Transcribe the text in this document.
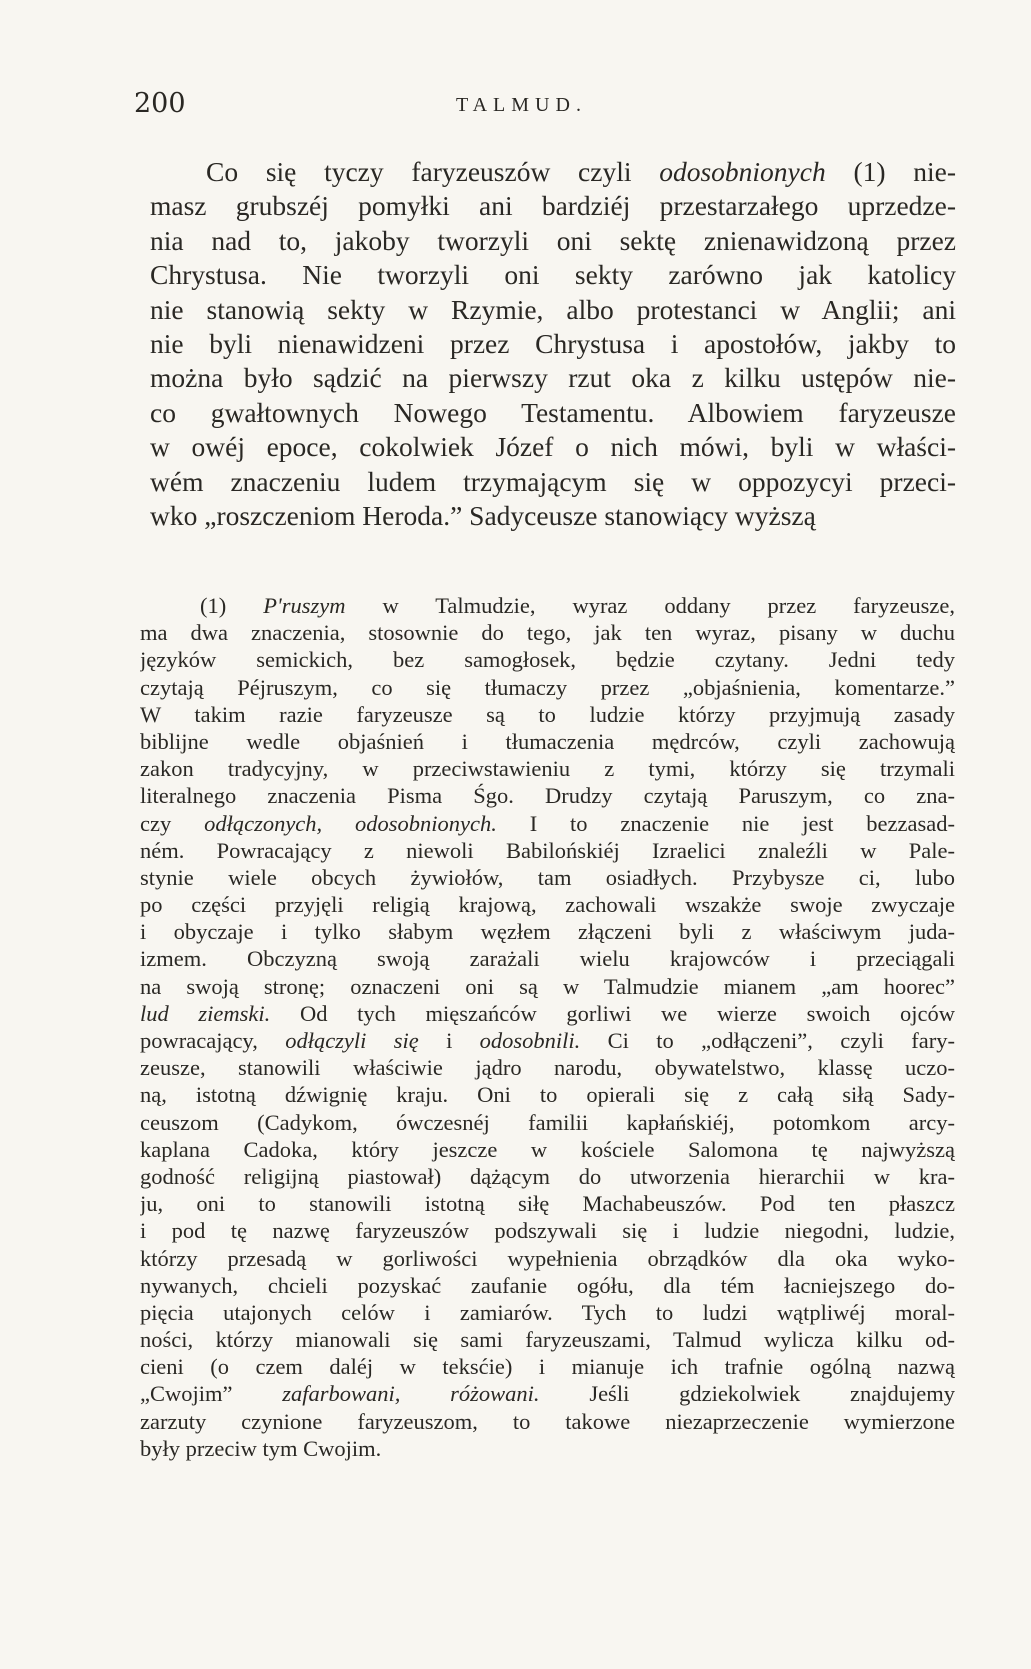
200	TALMUD.
Co się tyczy faryzeuszów czyli odosobnionych (1) nie-
masz grubszéj pomyłki ani bardziéj przestarzałego uprzedze-
nia nad to, jakoby tworzyli oni sektę znienawidzoną przez
Chrystusa. Nie tworzyli oni sekty zarówno jak katolicy
nie stanowią sekty w Rzymie, albo protestanci w Anglii; ani
nie byli nienawidzeni przez Chrystusa i apostołów, jakby to
można było sądzić na pierwszy rzut oka z kilku ustępów nie-
co gwałtownych Nowego Testamentu. Albowiem faryzeusze
w owéj epoce, cokolwiek Józef o nich mówi, byli w właści-
wém znaczeniu ludem trzymającym się w oppozycyi przeci-
wko „roszczeniom Heroda.” Sadyceusze stanowiący wyższą
(1) P'ruszym w Talmudzie, wyraz oddany przez faryzeusze,
ma dwa znaczenia, stosownie do tego, jak ten wyraz, pisany w duchu
języków semickich, bez samogłosek, będzie czytany. Jedni tedy
czytają Péjruszym, co się tłumaczy przez „objaśnienia, komentarze.”
W takim razie faryzeusze są to ludzie którzy przyjmują zasady
biblijne wedle objaśnień i tłumaczenia mędrców, czyli zachowują
zakon tradycyjny, w przeciwstawieniu z tymi, którzy się trzymali
literalnego znaczenia Pisma Śgo. Drudzy czytają Paruszym, co zna-
czy odłączonych, odosobnionych. I to znaczenie nie jest bezzasad-
ném. Powracający z niewoli Babilońskiéj Izraelici znaleźli w Pale-
stynie wiele obcych żywiołów, tam osiadłych. Przybysze ci, lubo
po części przyjęli religią krajową, zachowali wszakże swoje zwyczaje
i obyczaje i tylko słabym węzłem złączeni byli z właściwym juda-
izmem. Obczyzną swoją zarażali wielu krajowców i przeciągali
na swoją stronę; oznaczeni oni są w Talmudzie mianem „am hoorec”
lud ziemski. Od tych mięszańców gorliwi we wierze swoich ojców
powracający, odłączyli się i odosobnili. Ci to „odłączeni”, czyli fary-
zeusze, stanowili właściwie jądro narodu, obywatelstwo, klassę uczo-
ną, istotną dźwignię kraju. Oni to opierali się z całą siłą Sady-
ceuszom (Cadykom, ówczesnéj familii kapłańskiéj, potomkom arcy-
kaplana Cadoka, który jeszcze w kościele Salomona tę najwyższą
godność religijną piastował) dążącym do utworzenia hierarchii w kra-
ju, oni to stanowili istotną siłę Machabeuszów. Pod ten płaszcz
i pod tę nazwę faryzeuszów podszywali się i ludzie niegodni, ludzie,
którzy przesadą w gorliwości wypełnienia obrządków dla oka wyko-
nywanych, chcieli pozyskać zaufanie ogółu, dla tém łacniejszego do-
pięcia utajonych celów i zamiarów. Tych to ludzi wątpliwéj moral-
ności, którzy mianowali się sami faryzeuszami, Talmud wylicza kilku od-
cieni (o czem daléj w teksćie) i mianuje ich trafnie ogólną nazwą
„Cwojim” zafarbowani, różowani. Jeśli gdziekolwiek znajdujemy
zarzuty czynione faryzeuszom, to takowe niezaprzeczenie wymierzone
były przeciw tym Cwojim.
